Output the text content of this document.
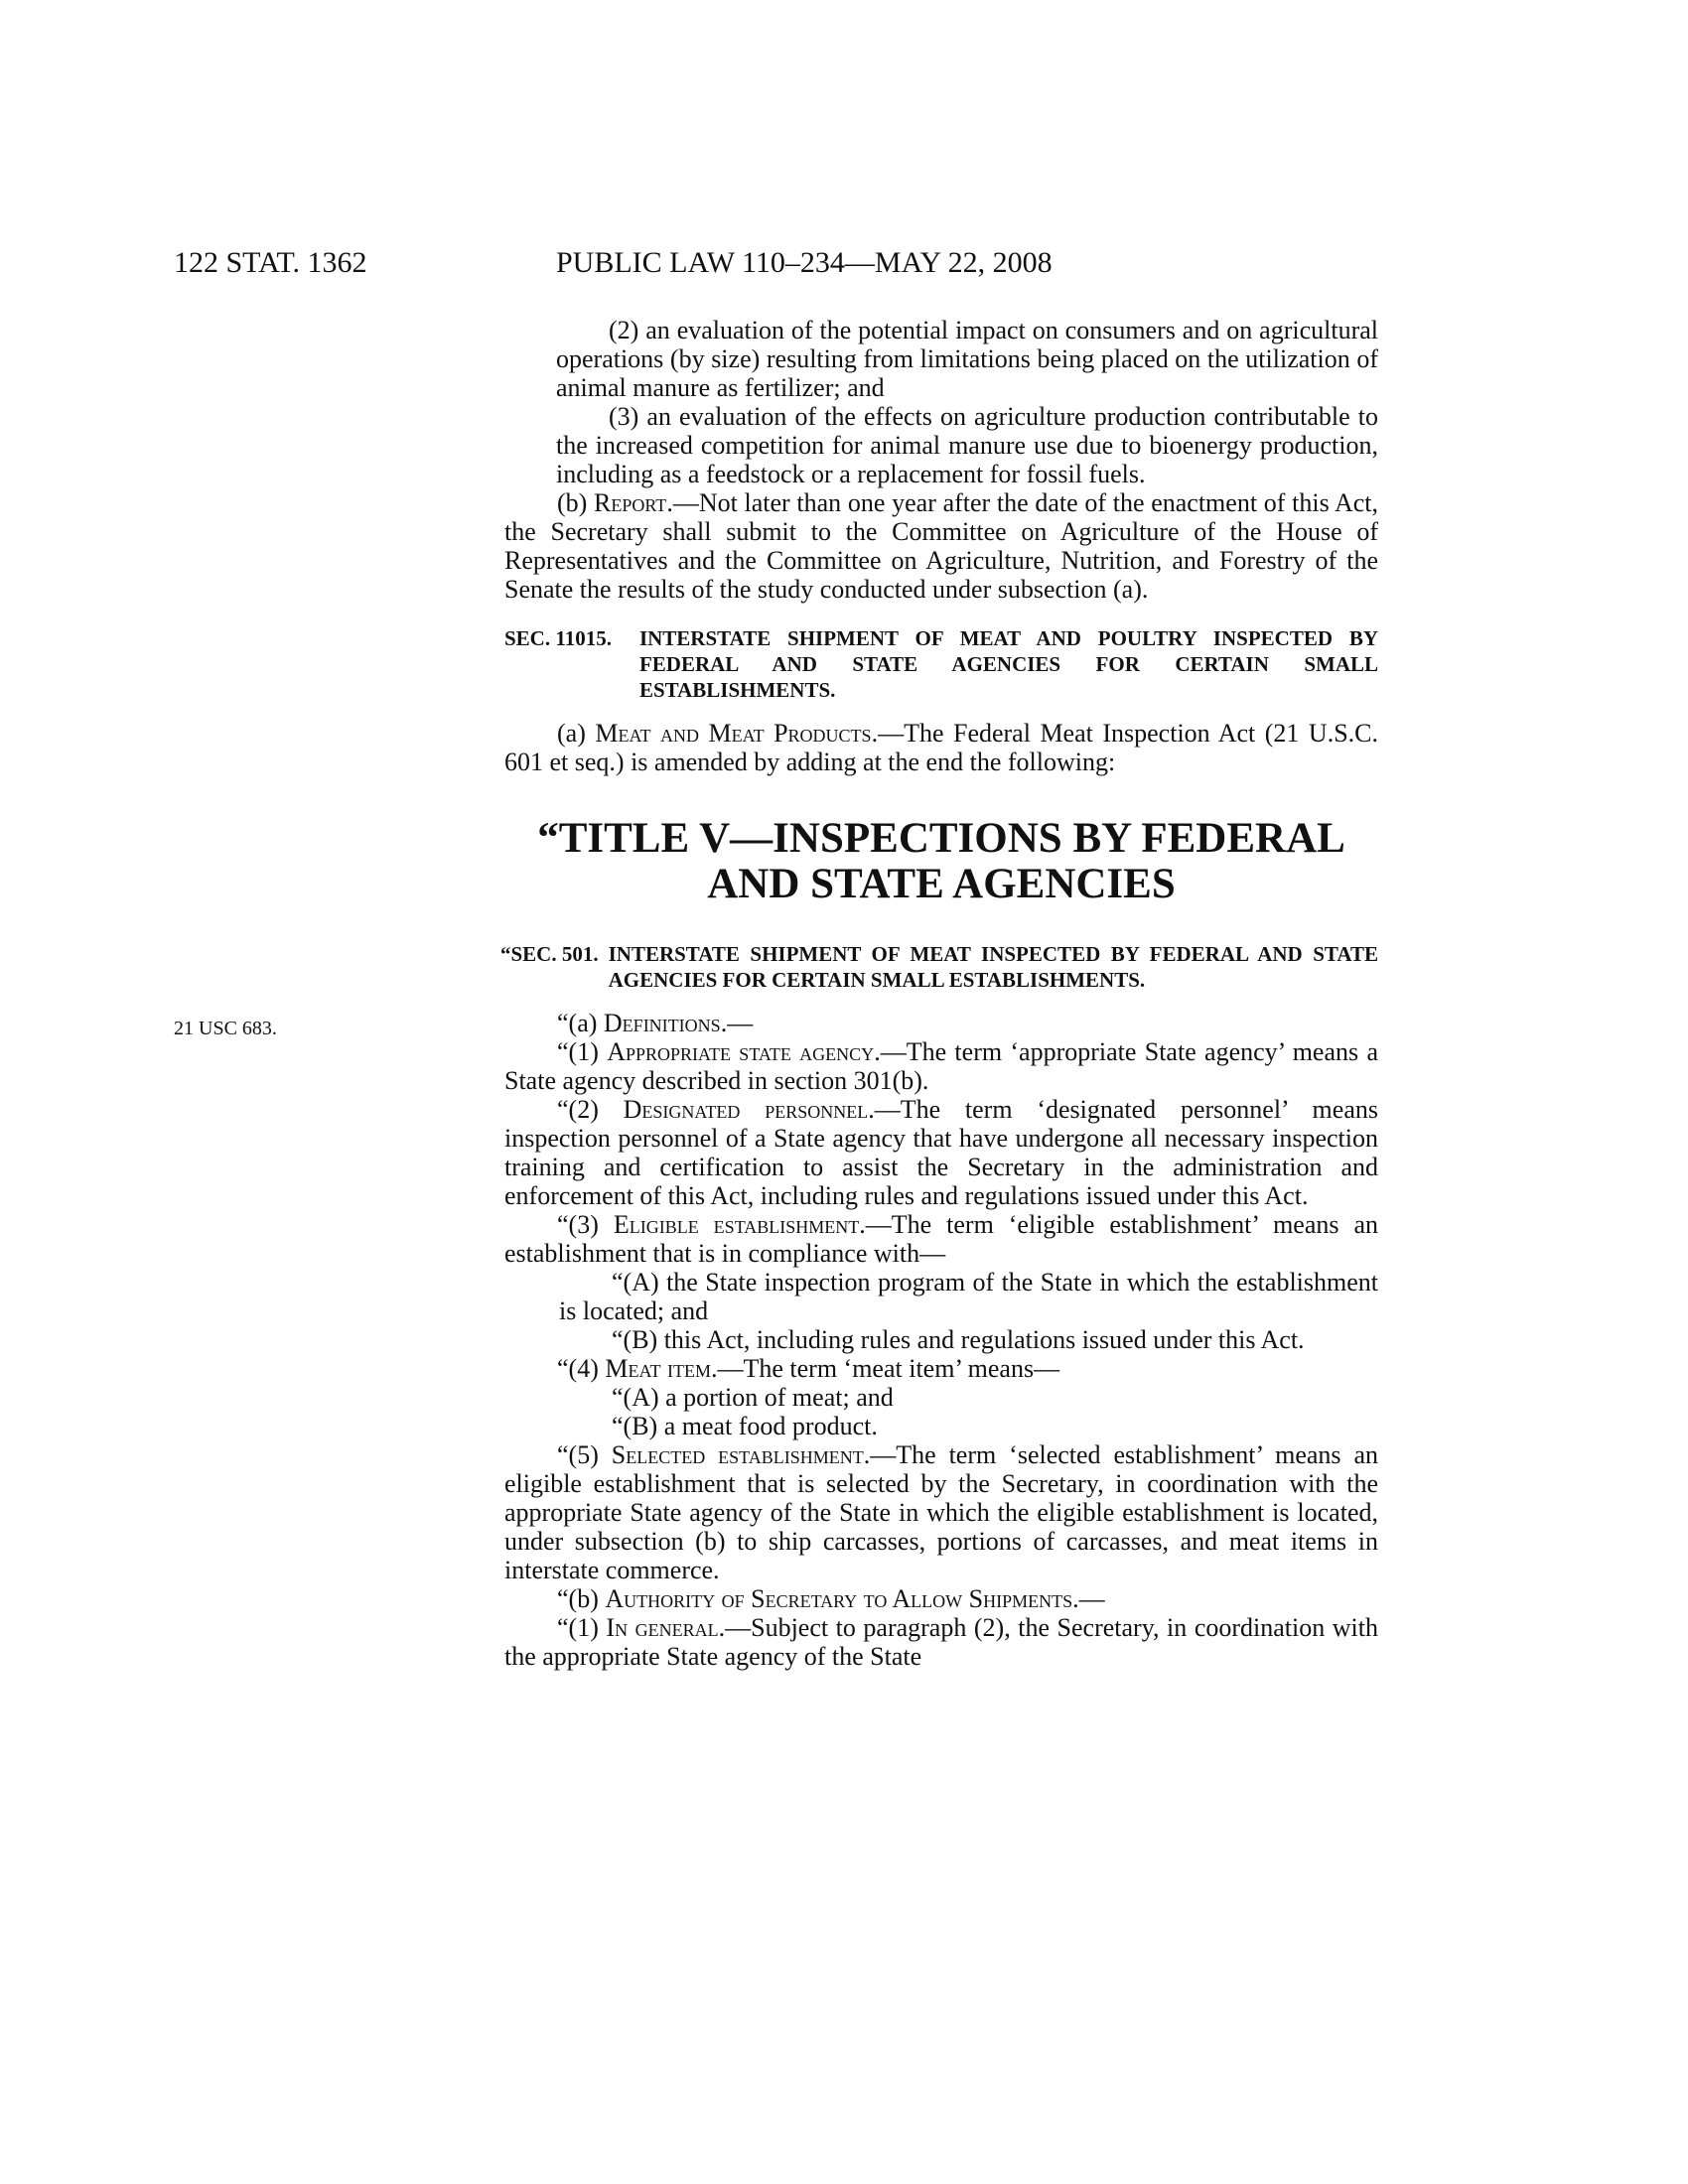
122 STAT. 1362	PUBLIC LAW 110–234—MAY 22, 2008
21 USC 683.

(2) an evaluation of the potential impact on consumers and on agricultural operations (by size) resulting from limitations being placed on the utilization of animal manure as fertilizer; and

(3) an evaluation of the effects on agriculture production contributable to the increased competition for animal manure use due to bioenergy production, including as a feedstock or a replacement for fossil fuels.

(b) Report.—Not later than one year after the date of the enactment of this Act, the Secretary shall submit to the Committee on Agriculture of the House of Representatives and the Committee on Agriculture, Nutrition, and Forestry of the Senate the results of the study conducted under subsection (a).

SEC. 11015.	INTERSTATE SHIPMENT OF MEAT AND POULTRY INSPECTED BY FEDERAL AND STATE AGENCIES FOR CERTAIN SMALL ESTABLISHMENTS.

(a) Meat and Meat Products.—The Federal Meat Inspection Act (21 U.S.C. 601 et seq.) is amended by adding at the end the following:

“TITLE V—INSPECTIONS BY FEDERAL
AND STATE AGENCIES
“SEC. 501. INTERSTATE SHIPMENT OF MEAT INSPECTED BY FEDERAL AND STATE AGENCIES FOR CERTAIN SMALL ESTABLISHMENTS.

“(a) Definitions.—

“(1) Appropriate state agency.—The term ‘appropriate State agency’ means a State agency described in section 301(b).

“(2) Designated personnel.—The term ‘designated personnel’ means inspection personnel of a State agency that have undergone all necessary inspection training and certification to assist the Secretary in the administration and enforcement of this Act, including rules and regulations issued under this Act.

“(3) Eligible establishment.—The term ‘eligible establishment’ means an establishment that is in compliance with—

“(A) the State inspection program of the State in which the establishment is located; and

“(B) this Act, including rules and regulations issued under this Act.

“(4) Meat item.—The term ‘meat item’ means—

“(A) a portion of meat; and

“(B) a meat food product.

“(5) Selected establishment.—The term ‘selected establishment’ means an eligible establishment that is selected by the Secretary, in coordination with the appropriate State agency of the State in which the eligible establishment is located, under subsection (b) to ship carcasses, portions of carcasses, and meat items in interstate commerce.

“(b) Authority of Secretary to Allow Shipments.—

“(1) In general.—Subject to paragraph (2), the Secretary, in coordination with the appropriate State agency of the State
